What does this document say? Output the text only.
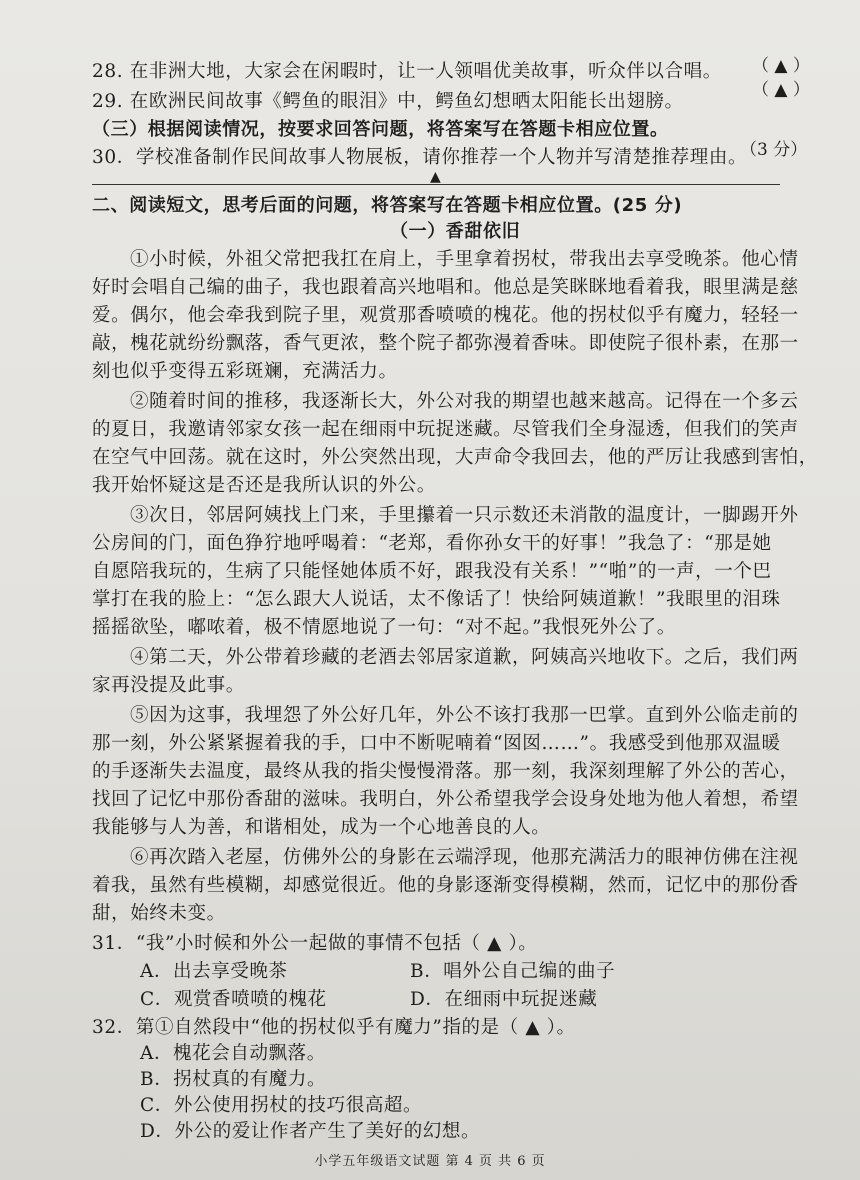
28. 在非洲大地，大家会在闲暇时，让一人领唱优美故事，听众伴以合唱。 （ ▲ ）
29. 在欧洲民间故事《鳄鱼的眼泪》中，鳄鱼幻想晒太阳能长出翅膀。
（ ▲ ）
（三）根据阅读情况，按要求回答问题，将答案写在答题卡相应位置。
30．学校准备制作民间故事人物展板，请你推荐一个人物并写清楚推荐理由。
（3 分）
▲
二、阅读短文，思考后面的问题，将答案写在答题卡相应位置。(25 分)
（一）香甜依旧
①小时候，外祖父常把我扛在肩上，手里拿着拐杖，带我出去享受晚茶。他心情
好时会唱自己编的曲子，我也跟着高兴地唱和。他总是笑眯眯地看着我，眼里满是慈
爱。偶尔，他会牵我到院子里，观赏那香喷喷的槐花。他的拐杖似乎有魔力，轻轻一
敲，槐花就纷纷飘落，香气更浓，整个院子都弥漫着香味。即使院子很朴素，在那一
刻也似乎变得五彩斑斓，充满活力。
②随着时间的推移，我逐渐长大，外公对我的期望也越来越高。记得在一个多云
的夏日，我邀请邻家女孩一起在细雨中玩捉迷藏。尽管我们全身湿透，但我们的笑声
在空气中回荡。就在这时，外公突然出现，大声命令我回去，他的严厉让我感到害怕，
我开始怀疑这是否还是我所认识的外公。
③次日，邻居阿姨找上门来，手里攥着一只示数还未消散的温度计，一脚踢开外
公房间的门，面色狰狞地呼喝着：“老郑，看你孙女干的好事！”我急了：“那是她
自愿陪我玩的，生病了只能怪她体质不好，跟我没有关系！”“啪”的一声，一个巴
掌打在我的脸上：“怎么跟大人说话，太不像话了！快给阿姨道歉！”我眼里的泪珠
摇摇欲坠，嘟哝着，极不情愿地说了一句：“对不起。”我恨死外公了。
④第二天，外公带着珍藏的老酒去邻居家道歉，阿姨高兴地收下。之后，我们两
家再没提及此事。
⑤因为这事，我埋怨了外公好几年，外公不该打我那一巴掌。直到外公临走前的
那一刻，外公紧紧握着我的手，口中不断呢喃着“囡囡……”。我感受到他那双温暖
的手逐渐失去温度，最终从我的指尖慢慢滑落。那一刻，我深刻理解了外公的苦心，
找回了记忆中那份香甜的滋味。我明白，外公希望我学会设身处地为他人着想，希望
我能够与人为善，和谐相处，成为一个心地善良的人。
⑥再次踏入老屋，仿佛外公的身影在云端浮现，他那充满活力的眼神仿佛在注视
着我，虽然有些模糊，却感觉很近。他的身影逐渐变得模糊，然而，记忆中的那份香
甜，始终未变。
31．“我”小时候和外公一起做的事情不包括（ ▲ ）。
A．出去享受晚茶	B．唱外公自己编的曲子
C．观赏香喷喷的槐花	D．在细雨中玩捉迷藏
32．第①自然段中“他的拐杖似乎有魔力”指的是（ ▲ ）。
A．槐花会自动飘落。
B．拐杖真的有魔力。
C．外公使用拐杖的技巧很高超。
D．外公的爱让作者产生了美好的幻想。
小学五年级语文试题 第 4 页 共 6 页
